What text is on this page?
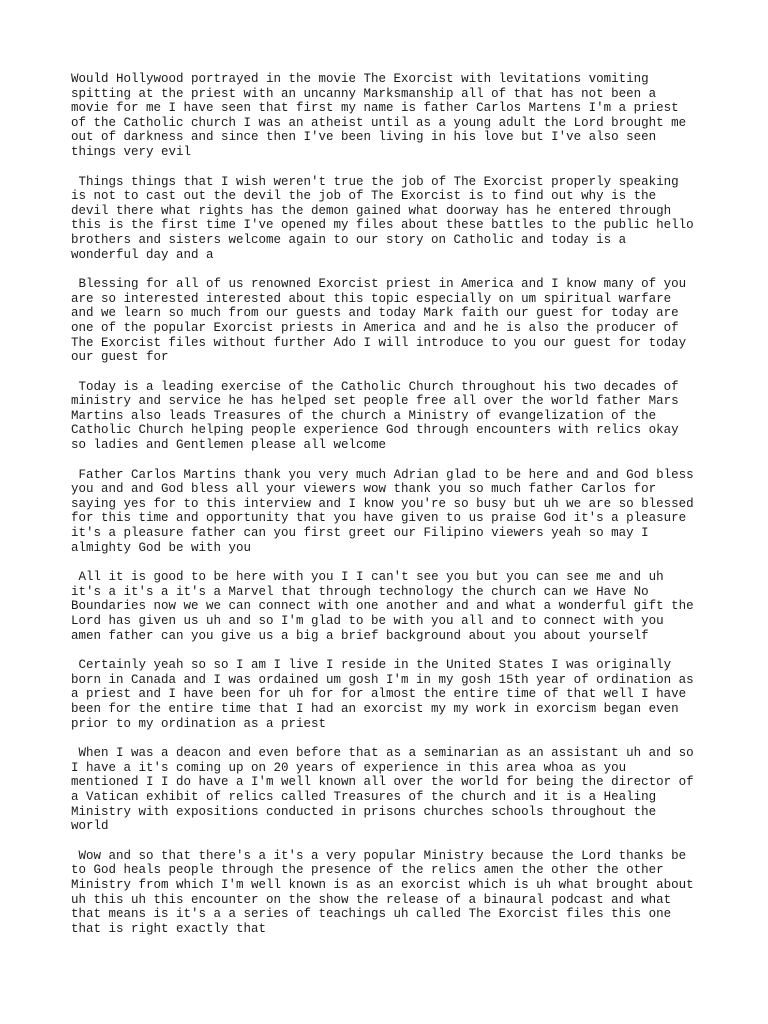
Would Hollywood portrayed in the movie The Exorcist with levitations vomiting
spitting at the priest with an uncanny Marksmanship all of that has not been a
movie for me I have seen that first my name is father Carlos Martens I'm a priest
of the Catholic church I was an atheist until as a young adult the Lord brought me
out of darkness and since then I've been living in his love but I've also seen
things very evil

Things things that I wish weren't true the job of The Exorcist properly speaking
is not to cast out the devil the job of The Exorcist is to find out why is the
devil there what rights has the demon gained what doorway has he entered through
this is the first time I've opened my files about these battles to the public hello
brothers and sisters welcome again to our story on Catholic and today is a
wonderful day and a

Blessing for all of us renowned Exorcist priest in America and I know many of you
are so interested interested about this topic especially on um spiritual warfare
and we learn so much from our guests and today Mark faith our guest for today are
one of the popular Exorcist priests in America and and he is also the producer of
The Exorcist files without further Ado I will introduce to you our guest for today
our guest for

Today is a leading exercise of the Catholic Church throughout his two decades of
ministry and service he has helped set people free all over the world father Mars
Martins also leads Treasures of the church a Ministry of evangelization of the
Catholic Church helping people experience God through encounters with relics okay
so ladies and Gentlemen please all welcome

Father Carlos Martins thank you very much Adrian glad to be here and and God bless
you and and God bless all your viewers wow thank you so much father Carlos for
saying yes for to this interview and I know you're so busy but uh we are so blessed
for this time and opportunity that you have given to us praise God it's a pleasure
it's a pleasure father can you first greet our Filipino viewers yeah so may I
almighty God be with you

All it is good to be here with you I I can't see you but you can see me and uh
it's a it's a it's a Marvel that through technology the church can we Have No
Boundaries now we we can connect with one another and and what a wonderful gift the
Lord has given us uh and so I'm glad to be with you all and to connect with you
amen father can you give us a big a brief background about you about yourself

Certainly yeah so so I am I live I reside in the United States I was originally
born in Canada and I was ordained um gosh I'm in my gosh 15th year of ordination as
a priest and I have been for uh for for almost the entire time of that well I have
been for the entire time that I had an exorcist my my work in exorcism began even
prior to my ordination as a priest

When I was a deacon and even before that as a seminarian as an assistant uh and so
I have a it's coming up on 20 years of experience in this area whoa as you
mentioned I I do have a I'm well known all over the world for being the director of
a Vatican exhibit of relics called Treasures of the church and it is a Healing
Ministry with expositions conducted in prisons churches schools throughout the
world

Wow and so that there's a it's a very popular Ministry because the Lord thanks be
to God heals people through the presence of the relics amen the other the other
Ministry from which I'm well known is as an exorcist which is uh what brought about
uh this uh this encounter on the show the release of a binaural podcast and what
that means is it's a a series of teachings uh called The Exorcist files this one
that is right exactly that
